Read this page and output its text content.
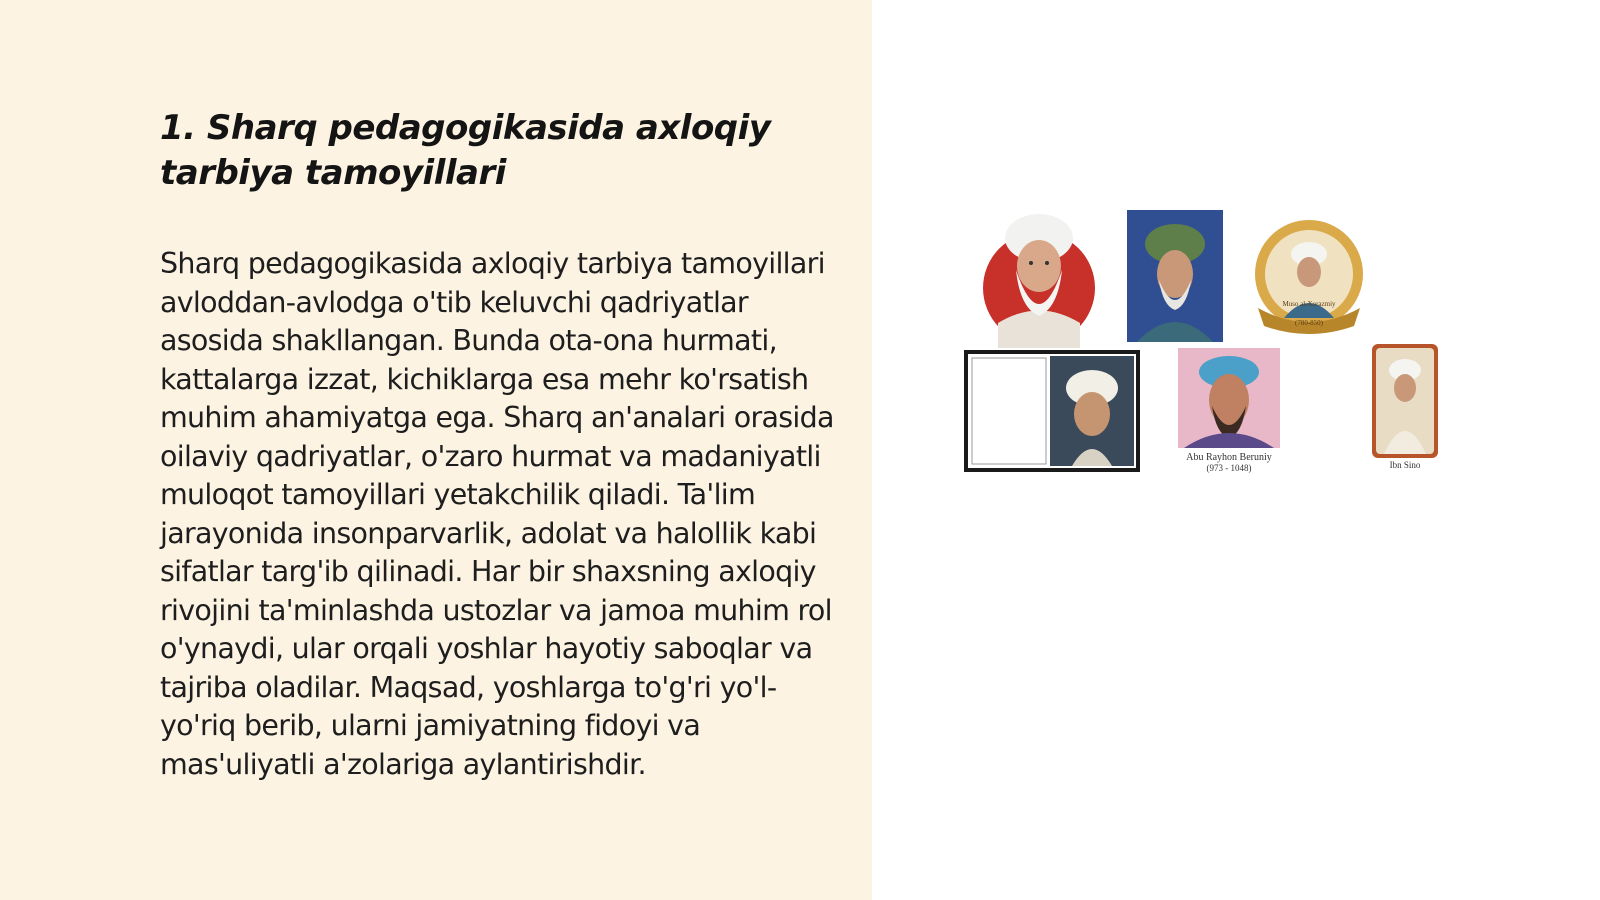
1. Sharq pedagogikasida axloqiy tarbiya tamoyillari

Sharq pedagogikasida axloqiy tarbiya tamoyillari avloddan-avlodga o'tib keluvchi qadriyatlar asosida shakllangan. Bunda ota-ona hurmati, kattalarga izzat, kichiklarga esa mehr ko'rsatish muhim ahamiyatga ega. Sharq an'analari orasida oilaviy qadriyatlar, o'zaro hurmat va madaniyatli muloqot tamoyillari yetakchilik qiladi. Ta'lim jarayonida insonparvarlik, adolat va halollik kabi sifatlar targ'ib qilinadi. Har bir shaxsning axloqiy rivojini ta'minlashda ustozlar va jamoa muhim rol o'ynaydi, ular orqali yoshlar hayotiy saboqlar va tajriba oladilar. Maqsad, yoshlarga to'g'ri yo'l-yo'riq berib, ularni jamiyatning fidoyi va mas'uliyatli a'zolariga aylantirishdir.

Muso al-Xorazmiy
(780-850)
Abu Rayhon Beruniy
(973 - 1048)	Ibn Sino
